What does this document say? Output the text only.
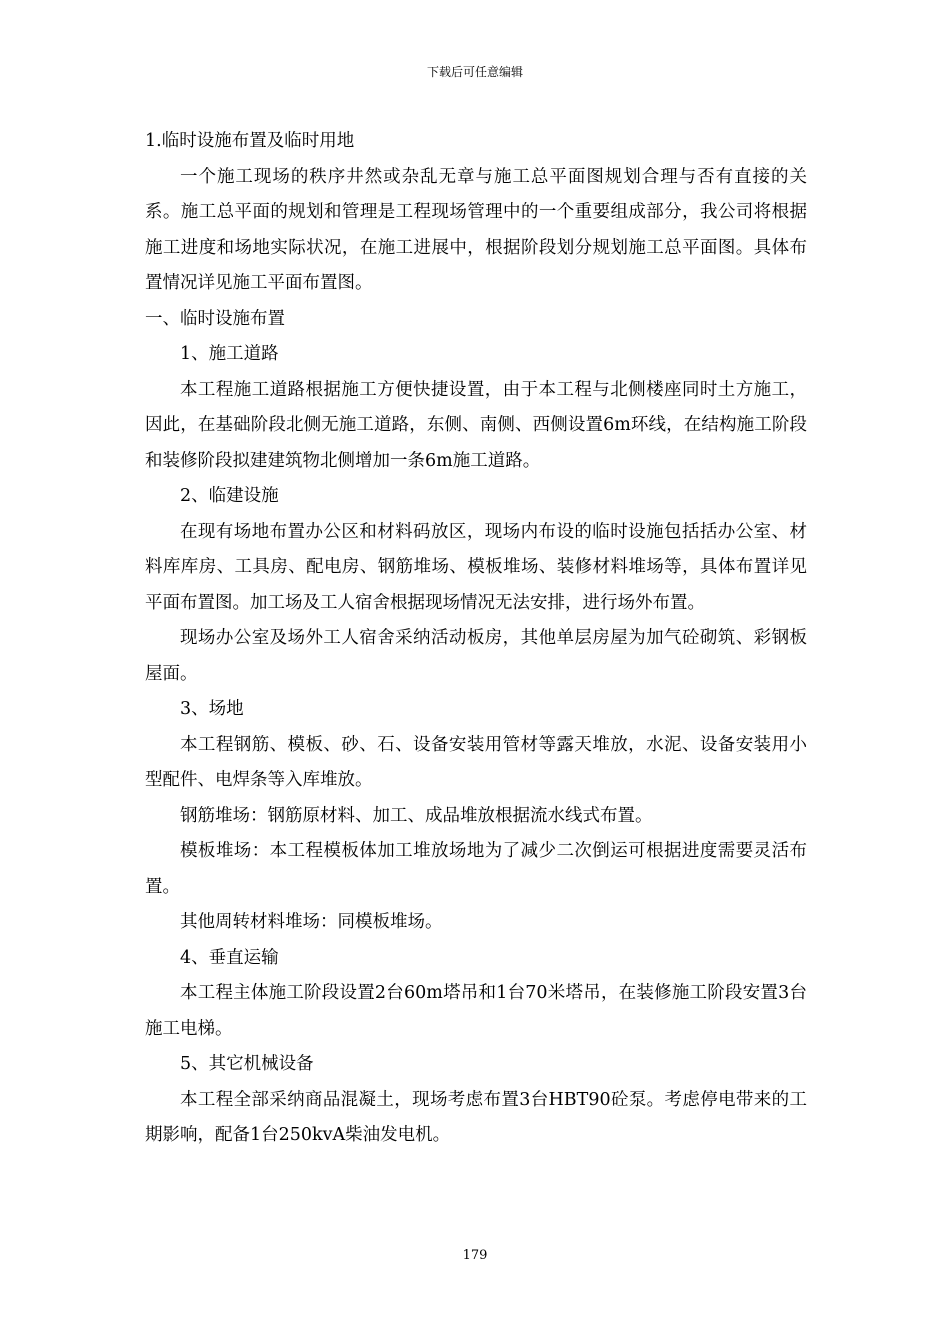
下载后可任意编辑

1.临时设施布置及临时用地

一个施工现场的秩序井然或杂乱无章与施工总平面图规划合理与否有直接的关系。施工总平面的规划和管理是工程现场管理中的一个重要组成部分，我公司将根据施工进度和场地实际状况，在施工进展中，根据阶段划分规划施工总平面图。具体布置情况详见施工平面布置图。

一、临时设施布置

1、施工道路

本工程施工道路根据施工方便快捷设置，由于本工程与北侧楼座同时土方施工，因此，在基础阶段北侧无施工道路，东侧、南侧、西侧设置6m环线，在结构施工阶段和装修阶段拟建建筑物北侧增加一条6m施工道路。

2、临建设施

在现有场地布置办公区和材料码放区，现场内布设的临时设施包括括办公室、材料库库房、工具房、配电房、钢筋堆场、模板堆场、装修材料堆场等，具体布置详见平面布置图。加工场及工人宿舍根据现场情况无法安排，进行场外布置。

现场办公室及场外工人宿舍采纳活动板房，其他单层房屋为加气砼砌筑、彩钢板屋面。

3、场地

本工程钢筋、模板、砂、石、设备安装用管材等露天堆放，水泥、设备安装用小型配件、电焊条等入库堆放。

钢筋堆场：钢筋原材料、加工、成品堆放根据流水线式布置。

模板堆场：本工程模板体加工堆放场地为了减少二次倒运可根据进度需要灵活布置。

其他周转材料堆场：同模板堆场。

4、垂直运输

本工程主体施工阶段设置2台60m塔吊和1台70米塔吊，在装修施工阶段安置3台施工电梯。

5、其它机械设备

本工程全部采纳商品混凝土，现场考虑布置3台HBT90砼泵。考虑停电带来的工期影响，配备1台250kvA柴油发电机。

179
